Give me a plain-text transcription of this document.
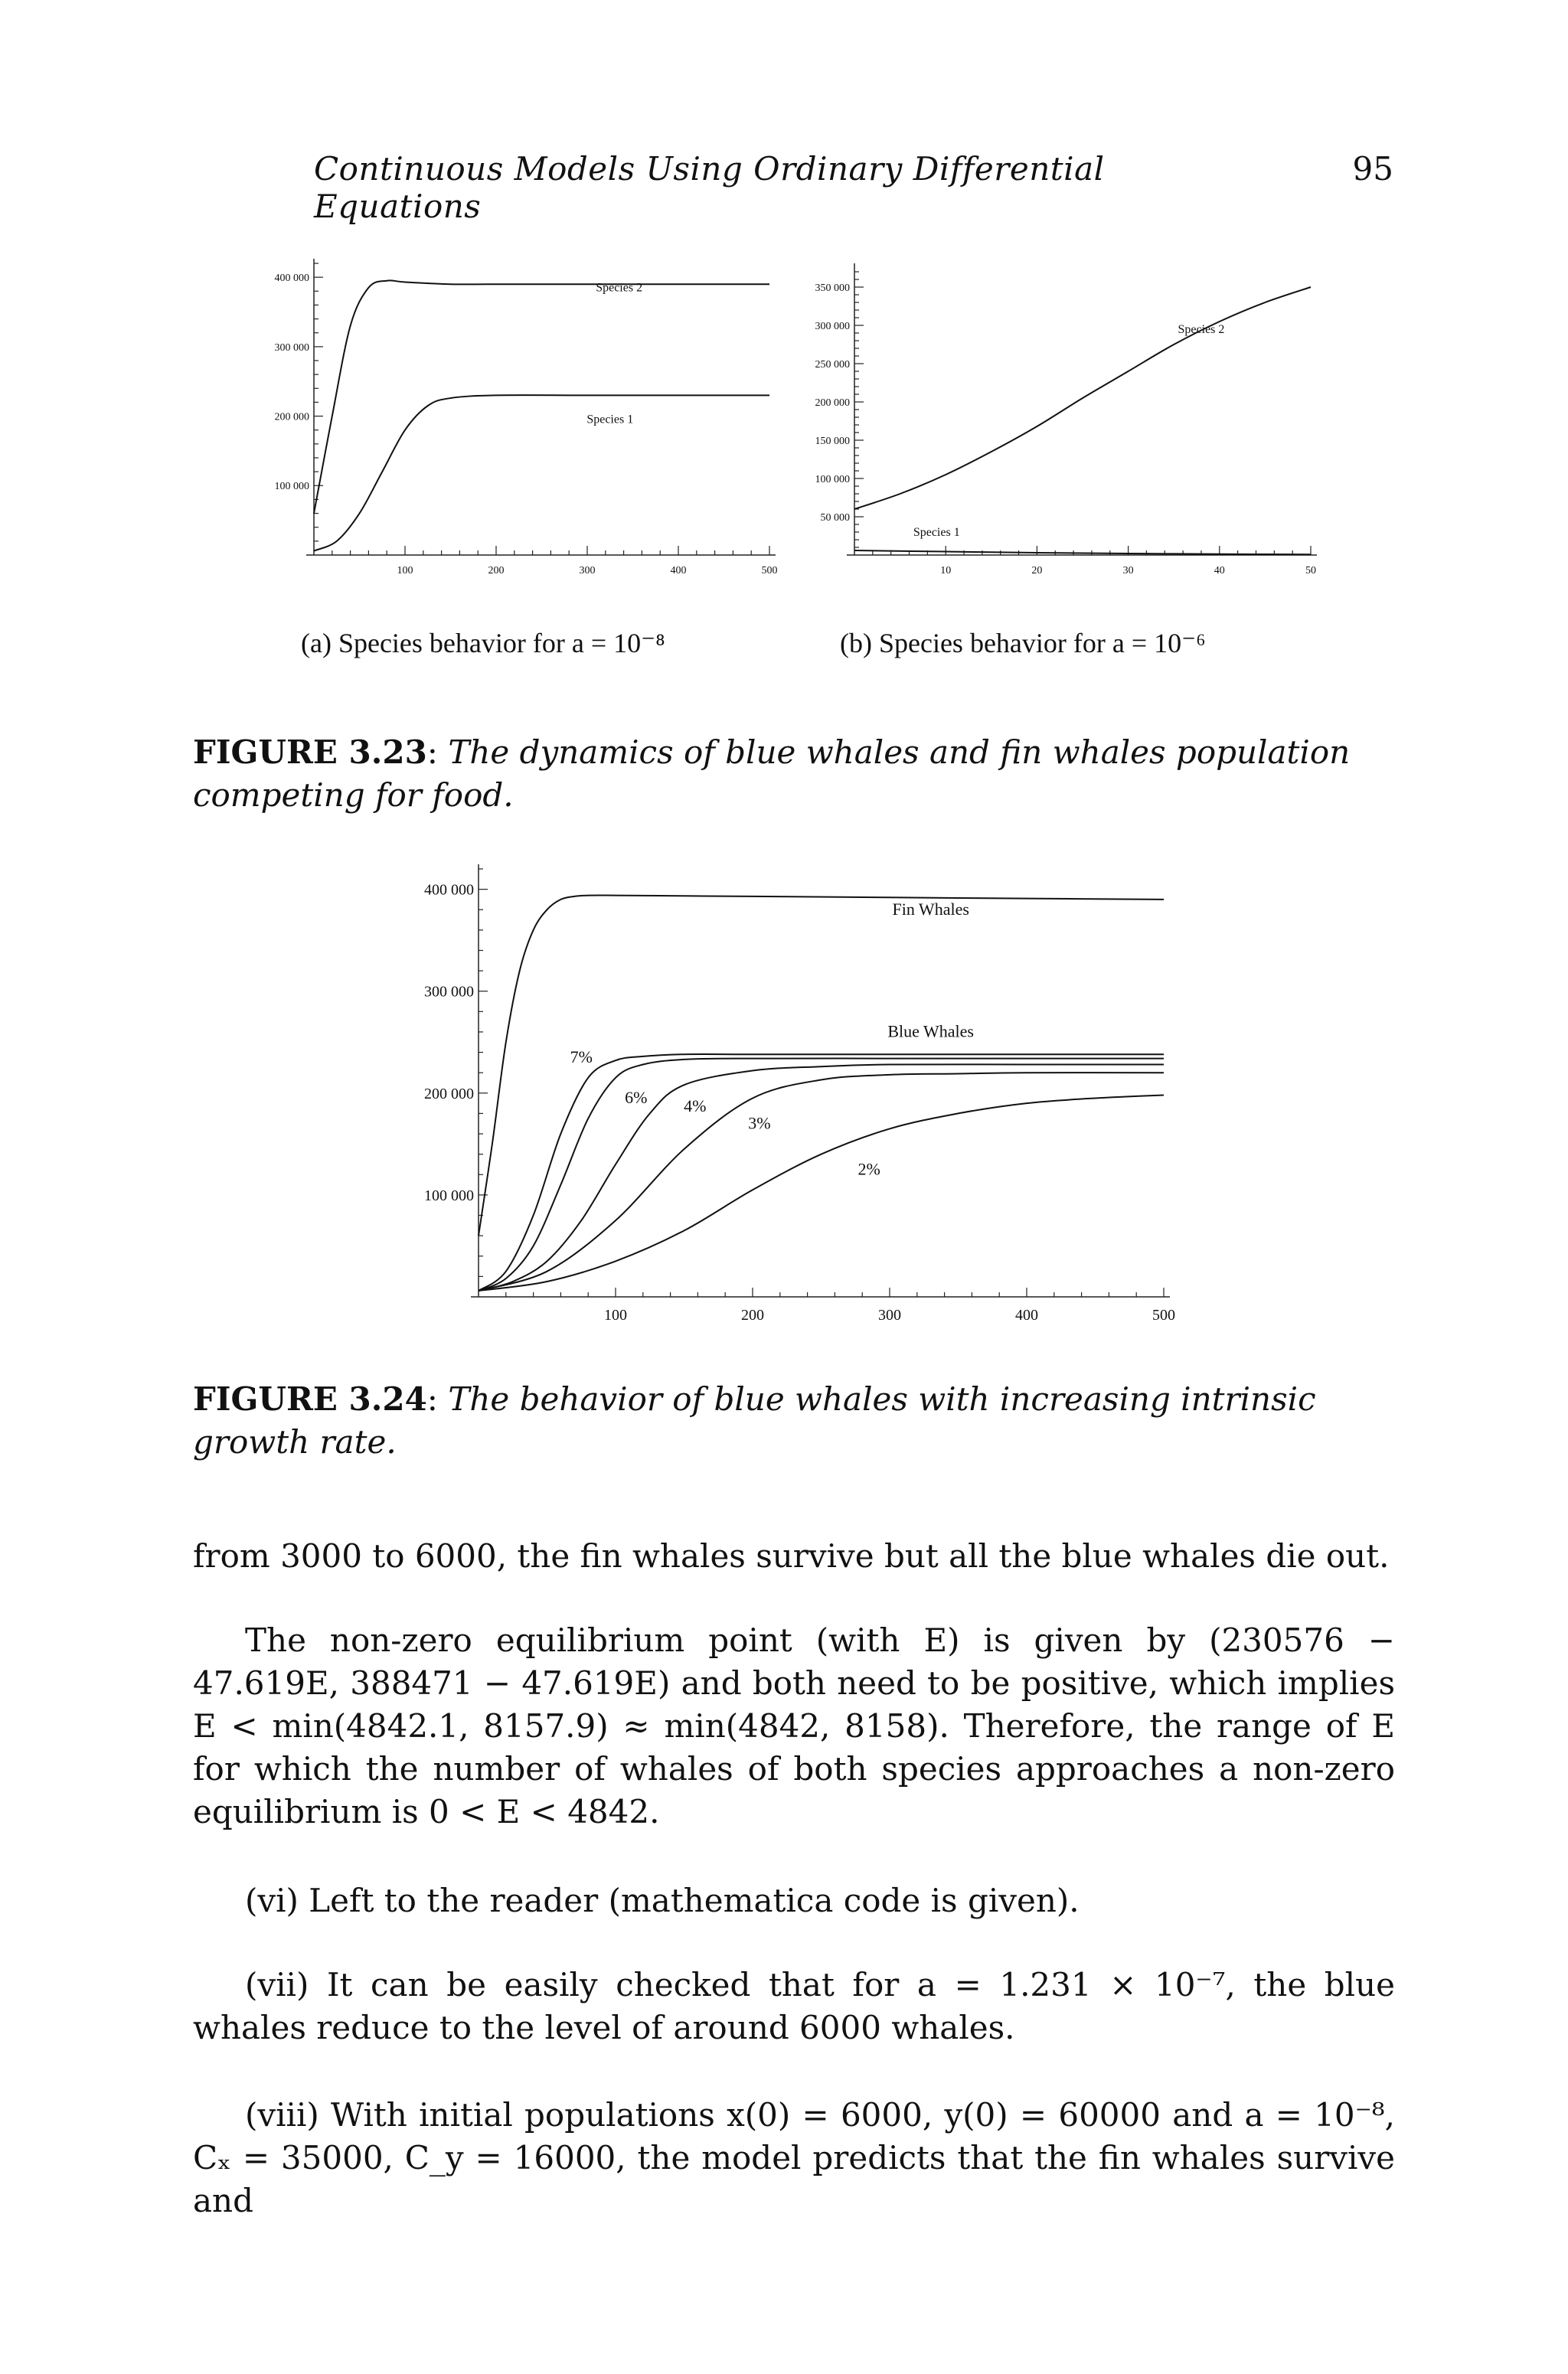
Continuous Models Using Ordinary Differential Equations
95
100	200	300	400	500
100 000
200 000
300 000
400 000
Species 2
Species 1
10	20	30	40	50
50 000
100 000
150 000
200 000
250 000
300 000
350 000
Species 2
Species 1
(a) Species behavior for a = 10⁻⁸	(b) Species behavior for a = 10⁻⁶
FIGURE 3.23: The dynamics of blue whales and fin whales population competing for food.
100	200	300	400	500
100 000
200 000
300 000
400 000
Fin Whales
Blue Whales
7%
6% 4%
3%
2%
FIGURE 3.24: The behavior of blue whales with increasing intrinsic growth rate.
from 3000 to 6000, the fin whales survive but all the blue whales die out.
The non-zero equilibrium point (with E) is given by (230576 − 47.619E, 388471 − 47.619E) and both need to be positive, which implies E < min(4842.1, 8157.9) ≈ min(4842, 8158). Therefore, the range of E for which the number of whales of both species approaches a non-zero equilibrium is 0 < E < 4842.
(vi) Left to the reader (mathematica code is given).
(vii) It can be easily checked that for a = 1.231 × 10⁻⁷, the blue whales reduce to the level of around 6000 whales.
(viii) With initial populations x(0) = 6000, y(0) = 60000 and a = 10⁻⁸, Cₓ = 35000, C_y = 16000, the model predicts that the fin whales survive and
